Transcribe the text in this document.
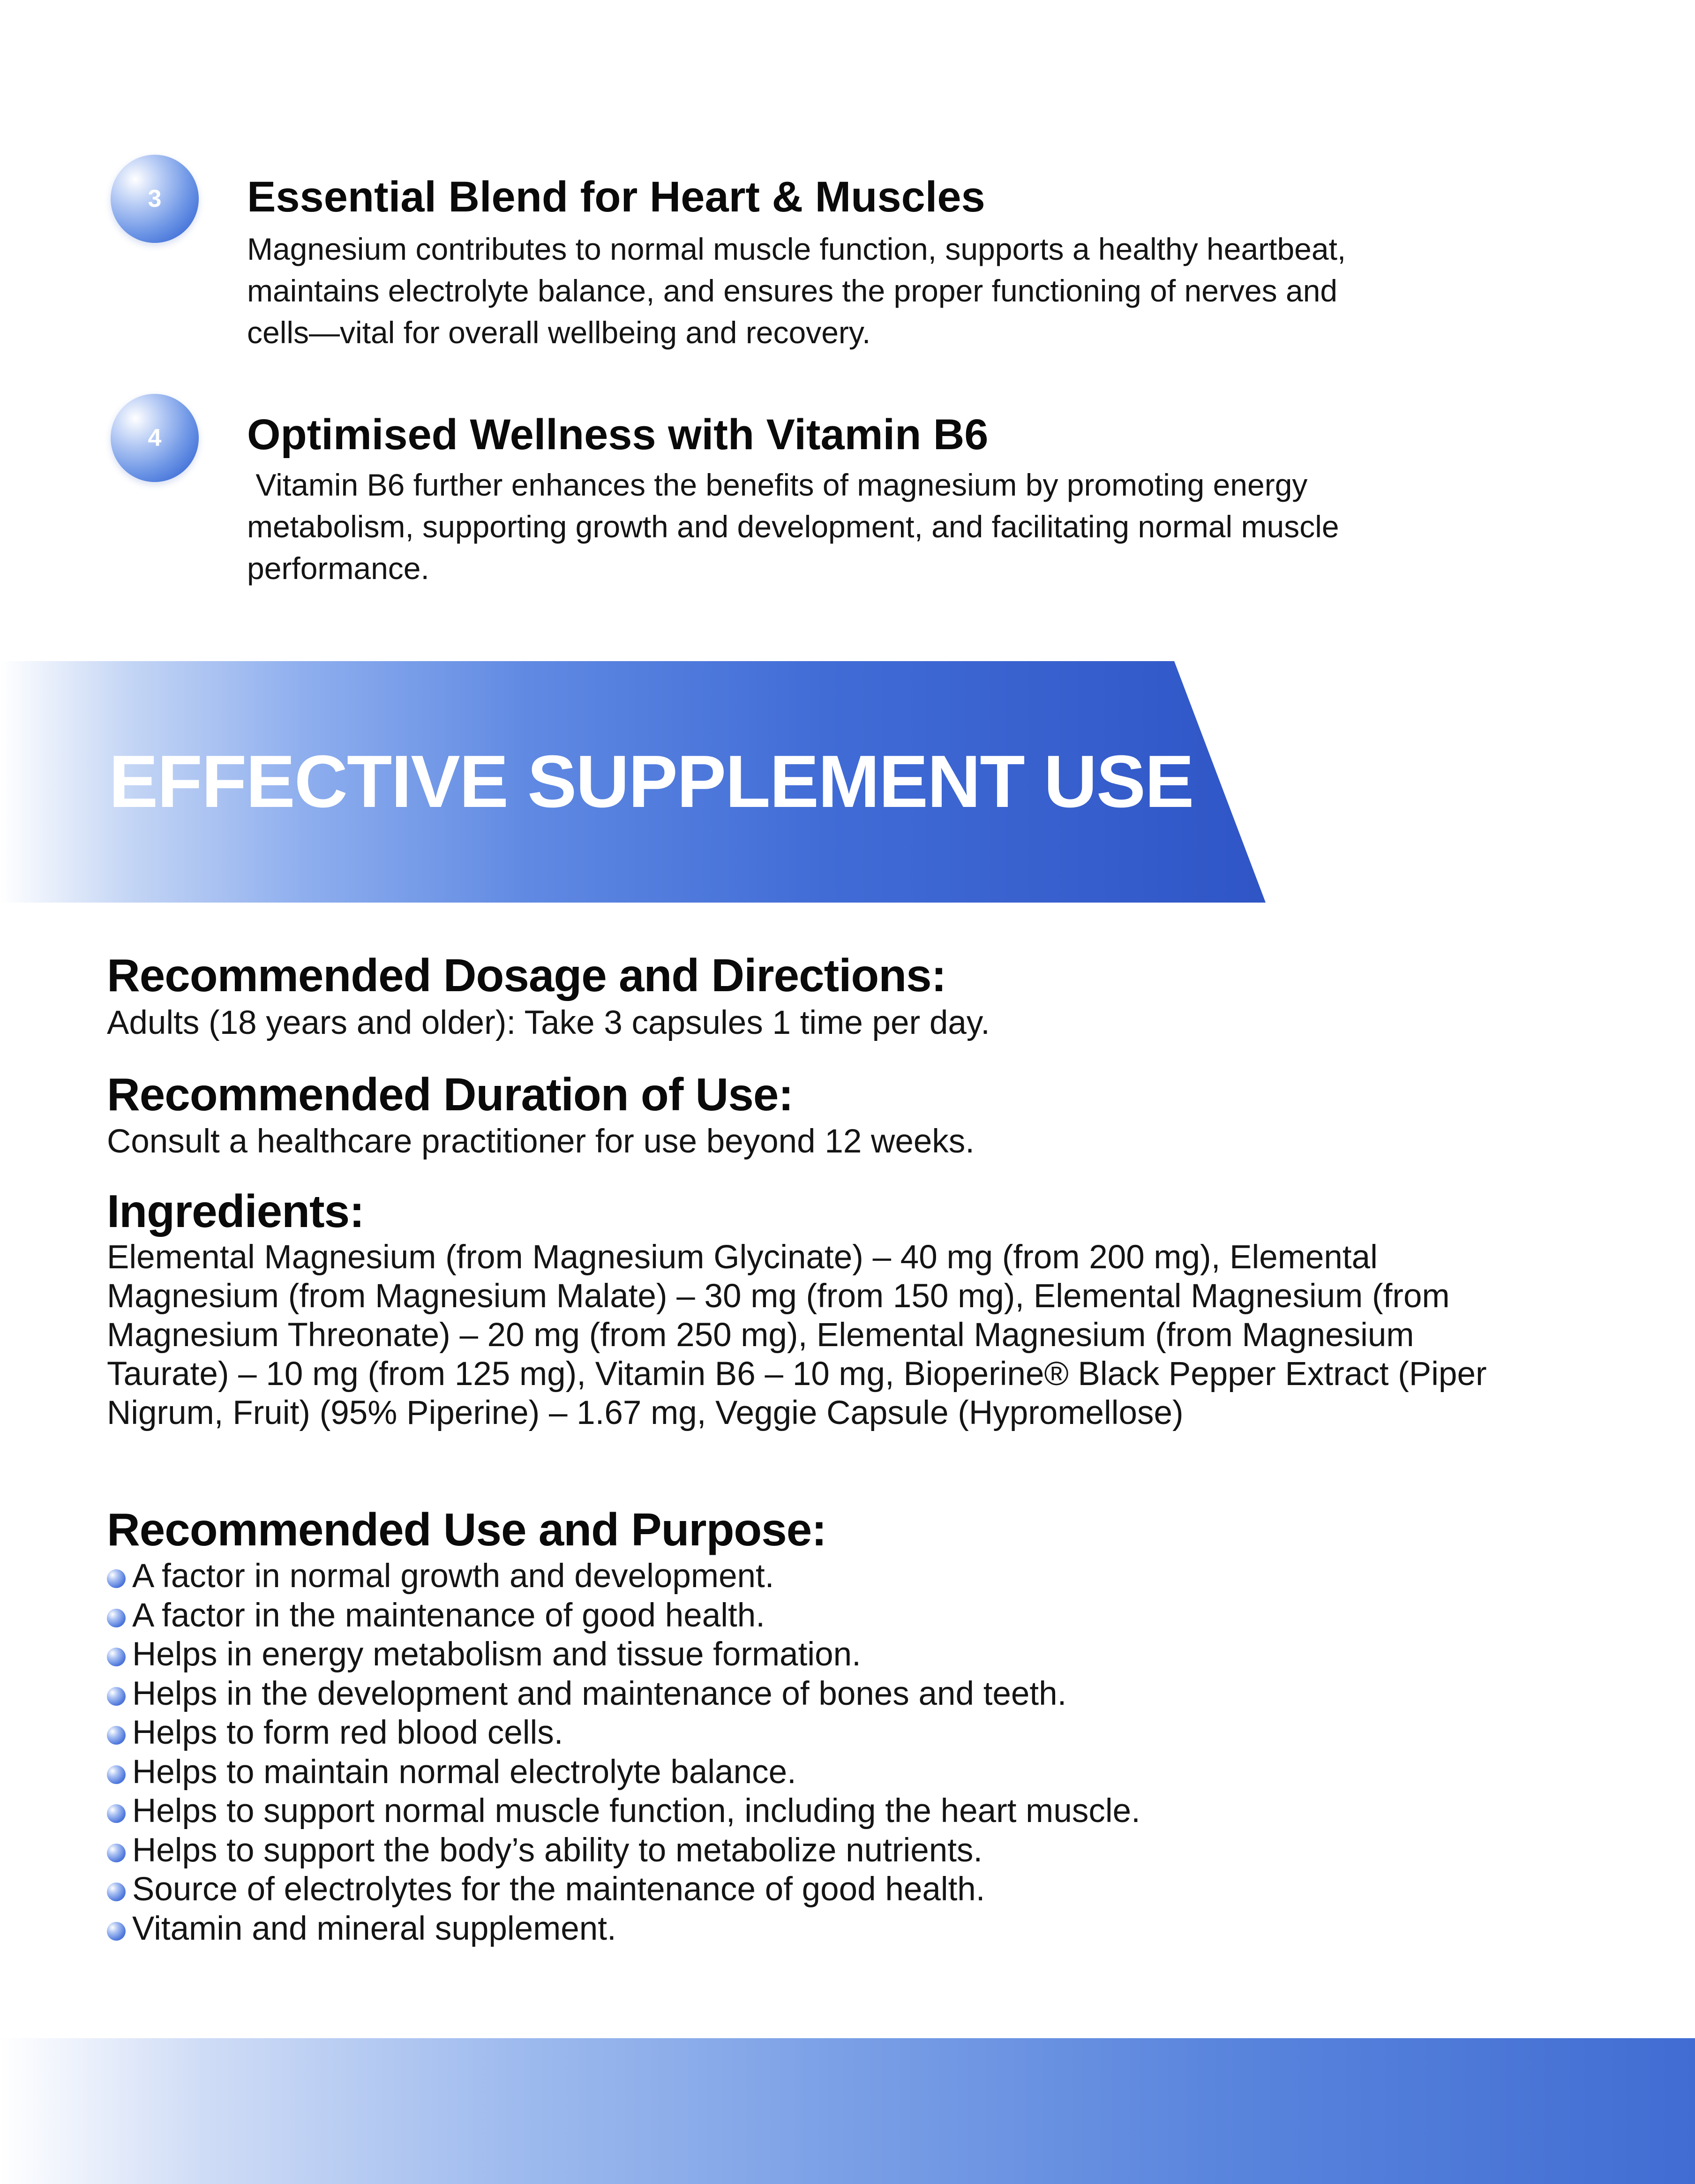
3	Essential Blend for Heart & Muscles

Magnesium contributes to normal muscle function, supports a healthy heartbeat,
maintains electrolyte balance, and ensures the proper functioning of nerves and
cells—vital for overall wellbeing and recovery.

4	Optimised Wellness with Vitamin B6

Vitamin B6 further enhances the benefits of magnesium by promoting energy
metabolism, supporting growth and development, and facilitating normal muscle
performance.

EFFECTIVE SUPPLEMENT USE
Recommended Dosage and Directions:

Adults (18 years and older): Take 3 capsules 1 time per day.

Recommended Duration of Use:

Consult a healthcare practitioner for use beyond 12 weeks.

Ingredients:

Elemental Magnesium (from Magnesium Glycinate) – 40 mg (from 200 mg), Elemental Magnesium (from Magnesium Malate) – 30 mg (from 150 mg), Elemental Magnesium (from Magnesium Threonate) – 20 mg (from 250 mg), Elemental Magnesium (from Magnesium Taurate) – 10 mg (from 125 mg), Vitamin B6 – 10 mg, Bioperine® Black Pepper Extract (Piper Nigrum, Fruit) (95% Piperine) – 1.67 mg, Veggie Capsule (Hypromellose)

Recommended Use and Purpose:
A factor in normal growth and development.
A factor in the maintenance of good health.
Helps in energy metabolism and tissue formation.
Helps in the development and maintenance of bones and teeth.
Helps to form red blood cells.
Helps to maintain normal electrolyte balance.
Helps to support normal muscle function, including the heart muscle.
Helps to support the body’s ability to metabolize nutrients.
Source of electrolytes for the maintenance of good health.
Vitamin and mineral supplement.
